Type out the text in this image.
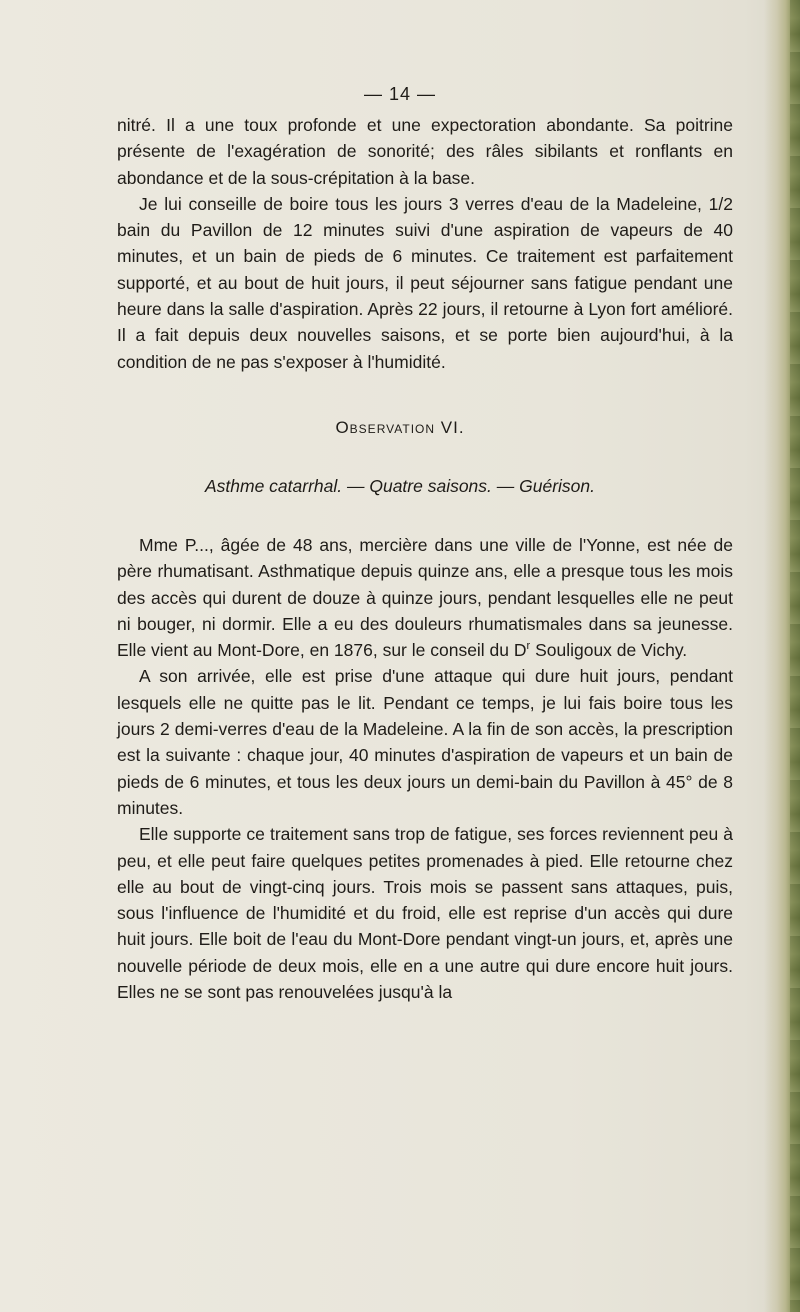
— 14 —

nitré. Il a une toux profonde et une expectoration abondante. Sa poitrine présente de l'exagération de sonorité; des râles sibilants et ronflants en abondance et de la sous-crépitation à la base.

Je lui conseille de boire tous les jours 3 verres d'eau de la Madeleine, 1/2 bain du Pavillon de 12 minutes suivi d'une aspiration de vapeurs de 40 minutes, et un bain de pieds de 6 minutes. Ce traitement est parfaitement supporté, et au bout de huit jours, il peut séjourner sans fatigue pendant une heure dans la salle d'aspiration. Après 22 jours, il retourne à Lyon fort amélioré. Il a fait depuis deux nouvelles saisons, et se porte bien aujourd'hui, à la condition de ne pas s'exposer à l'humidité.

Observation VI.
Asthme catarrhal. — Quatre saisons. — Guérison.

Mme P..., âgée de 48 ans, mercière dans une ville de l'Yonne, est née de père rhumatisant. Asthmatique depuis quinze ans, elle a presque tous les mois des accès qui durent de douze à quinze jours, pendant lesquelles elle ne peut ni bouger, ni dormir. Elle a eu des douleurs rhumatismales dans sa jeunesse. Elle vient au Mont-Dore, en 1876, sur le conseil du $D^r$ Souligoux de Vichy.

A son arrivée, elle est prise d'une attaque qui dure huit jours, pendant lesquels elle ne quitte pas le lit. Pendant ce temps, je lui fais boire tous les jours 2 demi-verres d'eau de la Madeleine. A la fin de son accès, la prescription est la suivante : chaque jour, 40 minutes d'aspiration de vapeurs et un bain de pieds de 6 minutes, et tous les deux jours un demi-bain du Pavillon à 45° de 8 minutes.

Elle supporte ce traitement sans trop de fatigue, ses forces reviennent peu à peu, et elle peut faire quelques petites promenades à pied. Elle retourne chez elle au bout de vingt-cinq jours. Trois mois se passent sans attaques, puis, sous l'influence de l'humidité et du froid, elle est reprise d'un accès qui dure huit jours. Elle boit de l'eau du Mont-Dore pendant vingt-un jours, et, après une nouvelle période de deux mois, elle en a une autre qui dure encore huit jours. Elles ne se sont pas renouvelées jusqu'à la
